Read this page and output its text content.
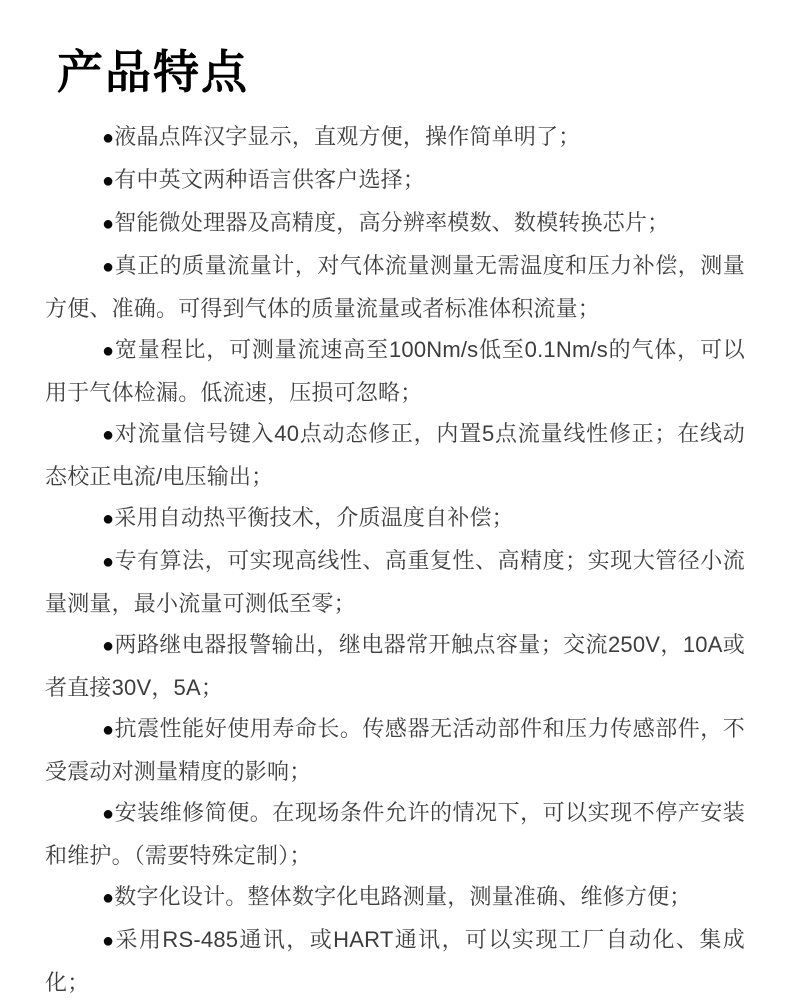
产品特点

●液晶点阵汉字显示，直观方便，操作简单明了；

●有中英文两种语言供客户选择；

●智能微处理器及高精度，高分辨率模数、数模转换芯片；

●真正的质量流量计，对气体流量测量无需温度和压力补偿，测量方便、准确。可得到气体的质量流量或者标准体积流量；

●宽量程比，可测量流速高至100Nm/s低至0.1Nm/s的气体，可以用于气体检漏。低流速，压损可忽略；

●对流量信号键入40点动态修正，内置5点流量线性修正；在线动态校正电流/电压输出；

●采用自动热平衡技术，介质温度自补偿；

●专有算法，可实现高线性、高重复性、高精度；实现大管径小流量测量，最小流量可测低至零；

●两路继电器报警输出，继电器常开触点容量；交流250V，10A或者直接30V，5A；

●抗震性能好使用寿命长。传感器无活动部件和压力传感部件，不受震动对测量精度的影响；

●安装维修简便。在现场条件允许的情况下，可以实现不停产安装和维护。（需要特殊定制）；

●数字化设计。整体数字化电路测量，测量准确、维修方便；

●采用RS-485通讯，或HART通讯，可以实现工厂自动化、集成化；
